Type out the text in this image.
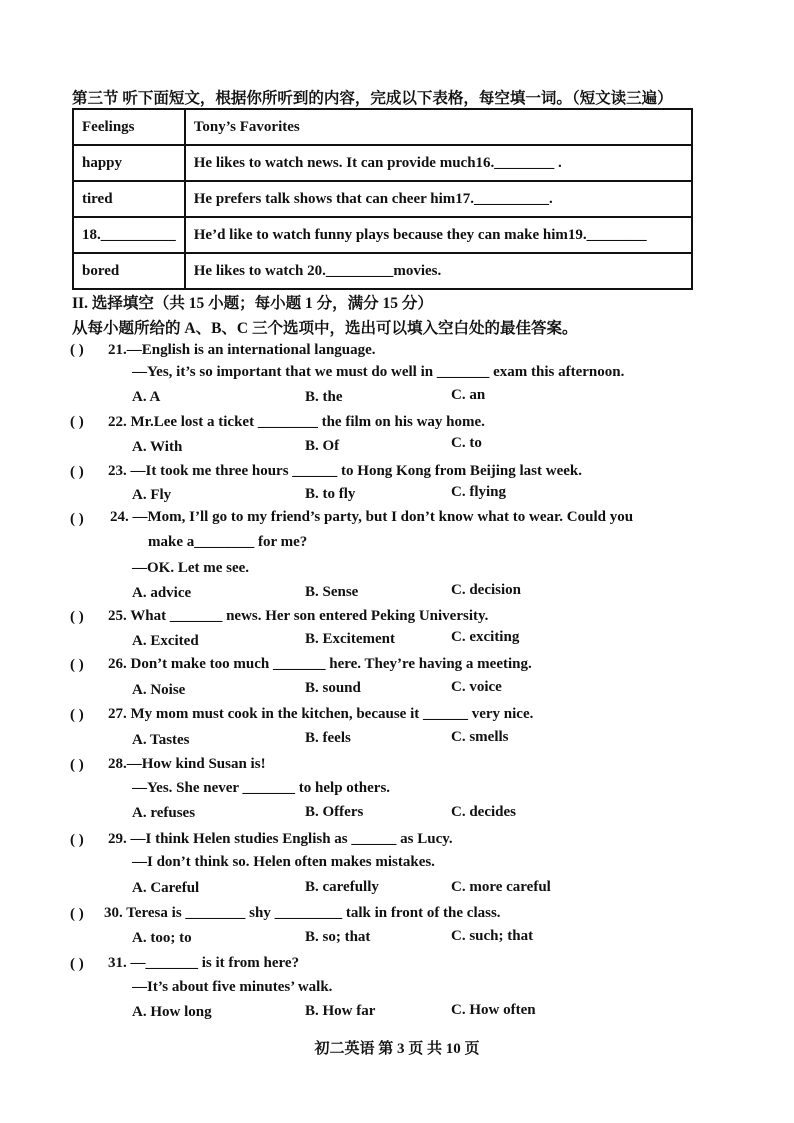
第三节 听下面短文，根据你所听到的内容，完成以下表格，每空填一词。（短文读三遍）
Feelings	Tony’s Favorites
happy	He likes to watch news. It can provide much16.________ .
tired	He prefers talk shows that can cheer him17.__________.
18.__________	He’d like to watch funny plays because they can make him19.________
bored	He likes to watch 20._________movies.
II. 选择填空（共 15 小题；每小题 1 分，满分 15 分）
从每小题所给的 A、B、C 三个选项中，选出可以填入空白处的最佳答案。
( ) 21.—English is an international language.
—Yes, it’s so important that we must do well in _______ exam this afternoon.
A. A	B. the	C. an
( ) 22. Mr.Lee lost a ticket ________ the film on his way home.
A. With	B. Of	C. to
( ) 23. —It took me three hours ______ to Hong Kong from Beijing last week.
A. Fly	B. to fly	C. flying
( ) 24. —Mom, I’ll go to my friend’s party, but I don’t know what to wear. Could you
make a________ for me?
—OK. Let me see.
A. advice	B. Sense	C. decision
( ) 25. What _______ news. Her son entered Peking University.
A. Excited	B. Excitement	C. exciting
( ) 26. Don’t make too much _______ here. They’re having a meeting.
A. Noise	B. sound	C. voice
( ) 27. My mom must cook in the kitchen, because it ______ very nice.
A. Tastes	B. feels	C. smells
( ) 28.—How kind Susan is!
—Yes. She never _______ to help others.
A. refuses	B. Offers	C. decides
( ) 29. —I think Helen studies English as ______ as Lucy.
—I don’t think so. Helen often makes mistakes.
A. Careful	B. carefully	C. more careful
( ) 30. Teresa is ________ shy _________ talk in front of the class.
A. too; to	B. so; that	C. such; that
( ) 31. —_______ is it from here?
—It’s about five minutes’ walk.
A. How long	B. How far	C. How often
初二英语 第 3 页 共 10 页
